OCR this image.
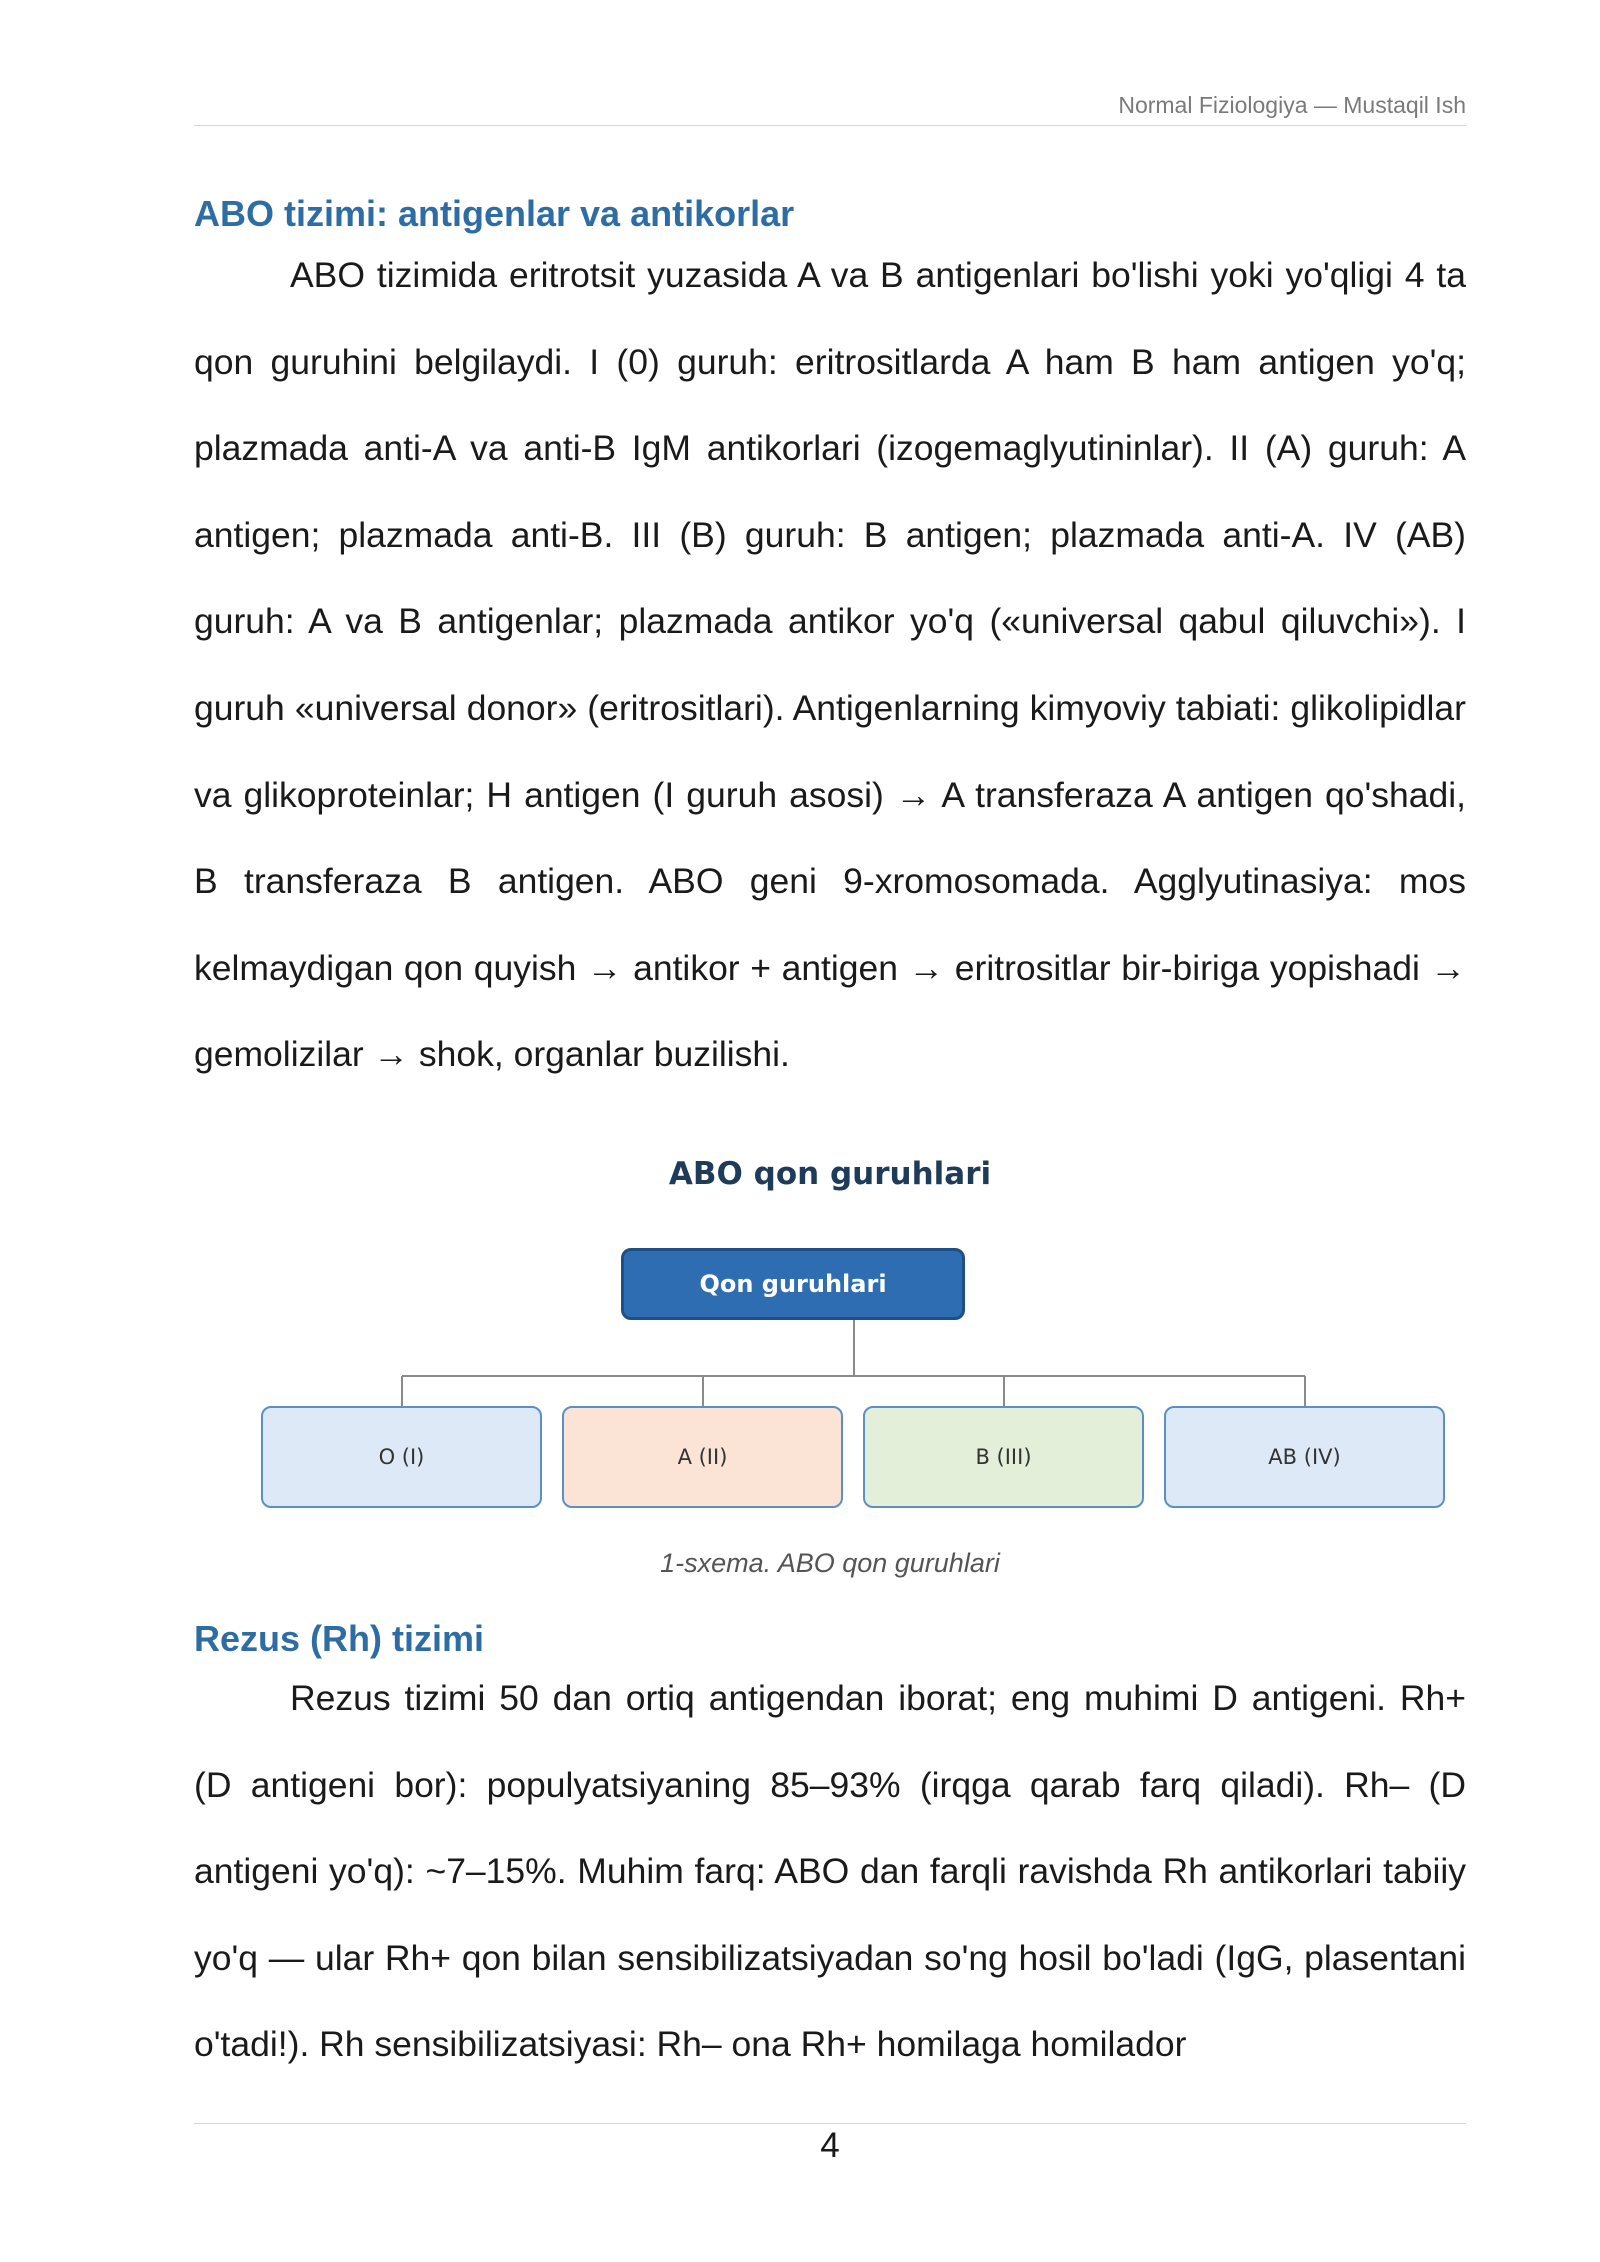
Normal Fiziologiya — Mustaqil Ish
ABO tizimi: antigenlar va antikorlar

ABO tizimida eritrotsit yuzasida A va B antigenlari bo'lishi yoki yo'qligi 4 ta qon guruhini belgilaydi. I (0) guruh: eritrositlarda A ham B ham antigen yo'q; plazmada anti-A va anti-B IgM antikorlari (izogemaglyutininlar). II (A) guruh: A antigen; plazmada anti-B. III (B) guruh: B antigen; plazmada anti-A. IV (AB) guruh: A va B antigenlar; plazmada antikor yo'q («universal qabul qiluvchi»). I guruh «universal donor» (eritrositlari). Antigenlarning kimyoviy tabiati: glikolipidlar va glikoproteinlar; H antigen (I guruh asosi) → A transferaza A antigen qo'shadi, B transferaza B antigen. ABO geni 9-xromosomada. Agglyutinasiya: mos kelmaydigan qon quyish → antikor + antigen → eritrositlar bir-biriga yopishadi → gemolizilar → shok, organlar buzilishi.

ABO qon guruhlari
Qon guruhlari
O (I)	A (II)	B (III)	AB (IV)
1-sxema. ABO qon guruhlari
Rezus (Rh) tizimi

Rezus tizimi 50 dan ortiq antigendan iborat; eng muhimi D antigeni. Rh+ (D antigeni bor): populyatsiyaning 85–93% (irqga qarab farq qiladi). Rh– (D antigeni yo'q): ~7–15%. Muhim farq: ABO dan farqli ravishda Rh antikorlari tabiiy yo'q — ular Rh+ qon bilan sensibilizatsiyadan so'ng hosil bo'ladi (IgG, plasentani o'tadi!). Rh sensibilizatsiyasi: Rh– ona Rh+ homilaga homilador

4
